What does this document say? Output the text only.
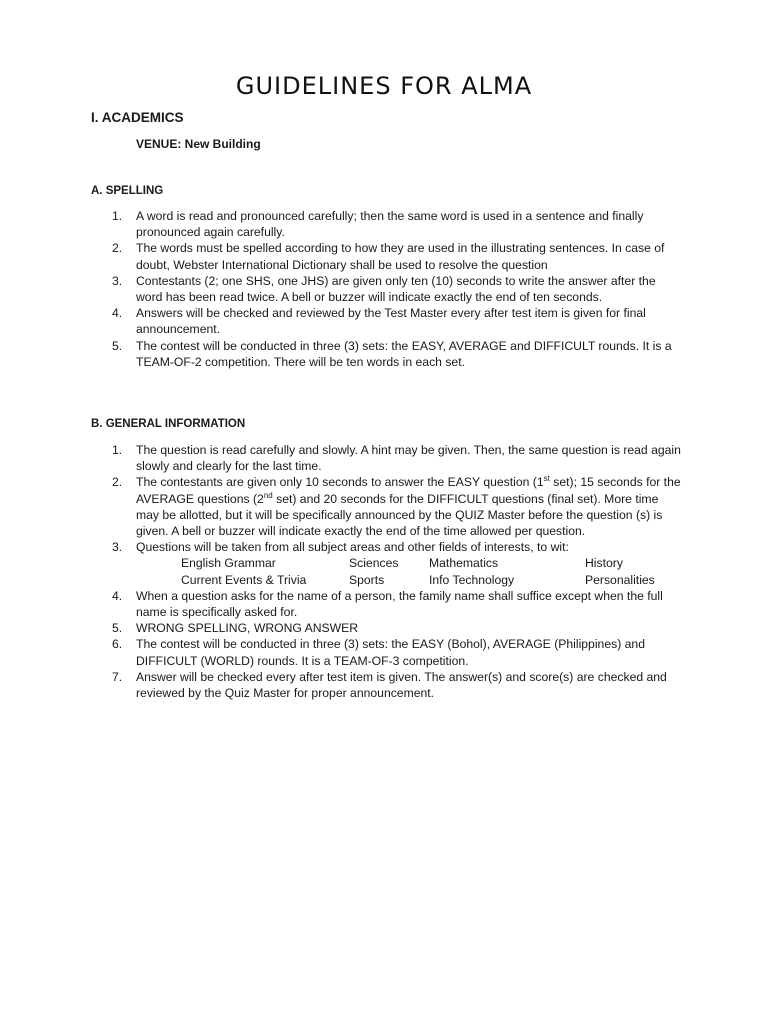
GUIDELINES FOR ALMA
I. ACADEMICS
VENUE: New Building
A. SPELLING
1. A word is read and pronounced carefully; then the same word is used in a sentence and finally pronounced again carefully.
2. The words must be spelled according to how they are used in the illustrating sentences. In case of doubt, Webster International Dictionary shall be used to resolve the question
3. Contestants (2; one SHS, one JHS) are given only ten (10) seconds to write the answer after the word has been read twice. A bell or buzzer will indicate exactly the end of ten seconds.
4. Answers will be checked and reviewed by the Test Master every after test item is given for final announcement.
5. The contest will be conducted in three (3) sets: the EASY, AVERAGE and DIFFICULT rounds. It is a TEAM-OF-2 competition. There will be ten words in each set.
B. GENERAL INFORMATION
1. The question is read carefully and slowly. A hint may be given. Then, the same question is read again slowly and clearly for the last time.
2. The contestants are given only 10 seconds to answer the EASY question (1st set); 15 seconds for the AVERAGE questions (2nd set) and 20 seconds for the DIFFICULT questions (final set). More time may be allotted, but it will be specifically announced by the QUIZ Master before the question (s) is given. A bell or buzzer will indicate exactly the end of the time allowed per question.
3. Questions will be taken from all subject areas and other fields of interests, to wit:
English Grammar	Sciences	Mathematics	History
Current Events & Trivia	Sports	Info Technology	Personalities
4. When a question asks for the name of a person, the family name shall suffice except when the full name is specifically asked for.
5. WRONG SPELLING, WRONG ANSWER
6. The contest will be conducted in three (3) sets: the EASY (Bohol), AVERAGE (Philippines) and DIFFICULT (WORLD) rounds. It is a TEAM-OF-3 competition.
7. Answer will be checked every after test item is given. The answer(s) and score(s) are checked and reviewed by the Quiz Master for proper announcement.
